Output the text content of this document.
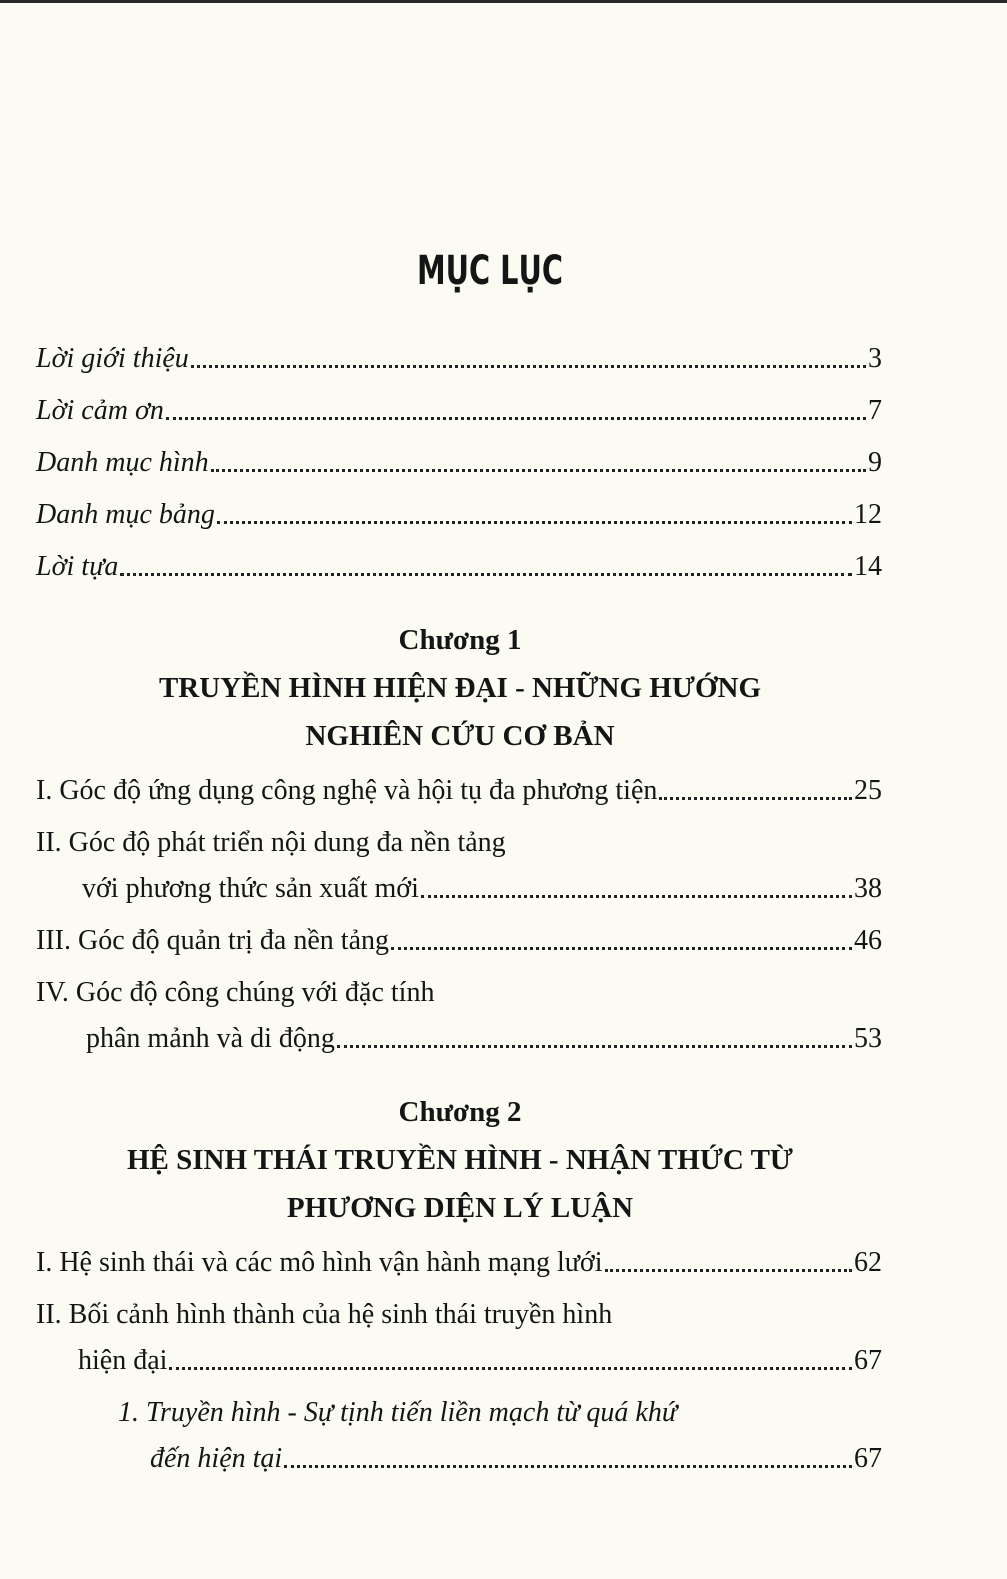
MỤC LỤC
Lời giới thiệu	3
Lời cảm ơn	7
Danh mục hình	9
Danh mục bảng	12
Lời tựa	14
Chương 1
TRUYỀN HÌNH HIỆN ĐẠI - NHỮNG HƯỚNG
NGHIÊN CỨU CƠ BẢN
I. Góc độ ứng dụng công nghệ và hội tụ đa phương tiện	25
II. Góc độ phát triển nội dung đa nền tảng
với phương thức sản xuất mới	38
III. Góc độ quản trị đa nền tảng	46
IV. Góc độ công chúng với đặc tính
phân mảnh và di động	53
Chương 2
HỆ SINH THÁI TRUYỀN HÌNH - NHẬN THỨC TỪ
PHƯƠNG DIỆN LÝ LUẬN
I. Hệ sinh thái và các mô hình vận hành mạng lưới	62
II. Bối cảnh hình thành của hệ sinh thái truyền hình
hiện đại	67
1. Truyền hình - Sự tịnh tiến liền mạch từ quá khứ
đến hiện tại	67
